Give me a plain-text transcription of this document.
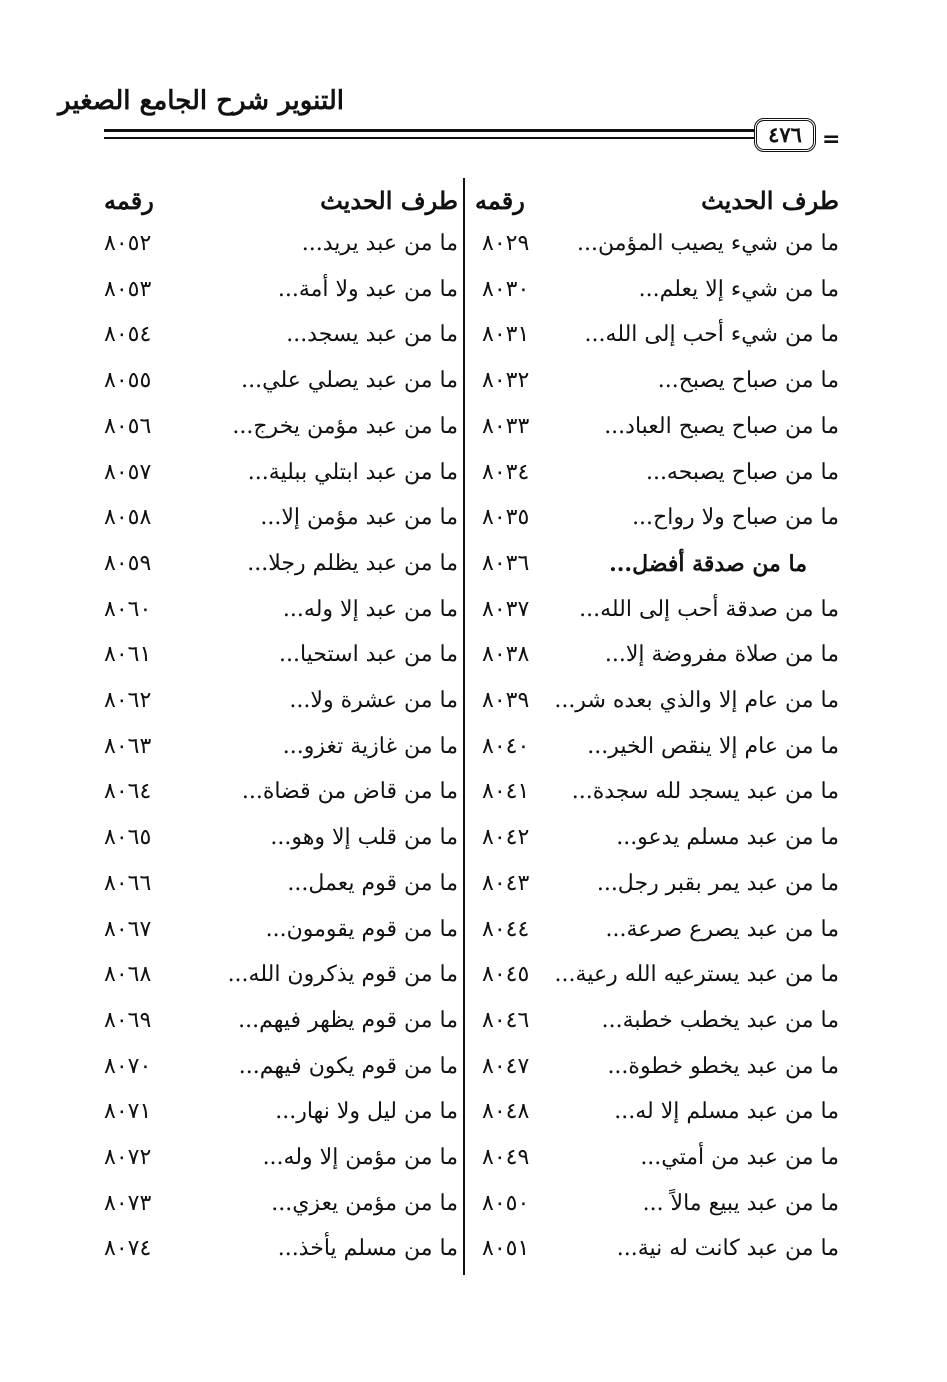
التنوير شرح الجامع الصغير
٤٧٦ =
طرف الحديث
رقمه
طرف الحديث
رقمه
ما من شيء يصيب المؤمن...
٨٠٢٩
ما من شيء إلا يعلم...
٨٠٣٠
ما من شيء أحب إلى الله...
٨٠٣١
ما من صباح يصبح...
٨٠٣٢
ما من صباح يصبح العباد...
٨٠٣٣
ما من صباح يصبحه...
٨٠٣٤
ما من صباح ولا رواح...
٨٠٣٥
ما من صدقة أفضل...
٨٠٣٦
ما من صدقة أحب إلى الله...
٨٠٣٧
ما من صلاة مفروضة إلا...
٨٠٣٨
ما من عام إلا والذي بعده شر...
٨٠٣٩
ما من عام إلا ينقص الخير...
٨٠٤٠
ما من عبد يسجد لله سجدة...
٨٠٤١
ما من عبد مسلم يدعو...
٨٠٤٢
ما من عبد يمر بقبر رجل...
٨٠٤٣
ما من عبد يصرع صرعة...
٨٠٤٤
ما من عبد يسترعيه الله رعية...
٨٠٤٥
ما من عبد يخطب خطبة...
٨٠٤٦
ما من عبد يخطو خطوة...
٨٠٤٧
ما من عبد مسلم إلا له...
٨٠٤٨
ما من عبد من أمتي...
٨٠٤٩
ما من عبد يبيع مالاً ...
٨٠٥٠
ما من عبد كانت له نية...
٨٠٥١
ما من عبد يريد...
٨٠٥٢
ما من عبد ولا أمة...
٨٠٥٣
ما من عبد يسجد...
٨٠٥٤
ما من عبد يصلي علي...
٨٠٥٥
ما من عبد مؤمن يخرج...
٨٠٥٦
ما من عبد ابتلي ببلية...
٨٠٥٧
ما من عبد مؤمن إلا...
٨٠٥٨
ما من عبد يظلم رجلا...
٨٠٥٩
ما من عبد إلا وله...
٨٠٦٠
ما من عبد استحيا...
٨٠٦١
ما من عشرة ولا...
٨٠٦٢
ما من غازية تغزو...
٨٠٦٣
ما من قاض من قضاة...
٨٠٦٤
ما من قلب إلا وهو...
٨٠٦٥
ما من قوم يعمل...
٨٠٦٦
ما من قوم يقومون...
٨٠٦٧
ما من قوم يذكرون الله...
٨٠٦٨
ما من قوم يظهر فيهم...
٨٠٦٩
ما من قوم يكون فيهم...
٨٠٧٠
ما من ليل ولا نهار...
٨٠٧١
ما من مؤمن إلا وله...
٨٠٧٢
ما من مؤمن يعزي...
٨٠٧٣
ما من مسلم يأخذ...
٨٠٧٤
